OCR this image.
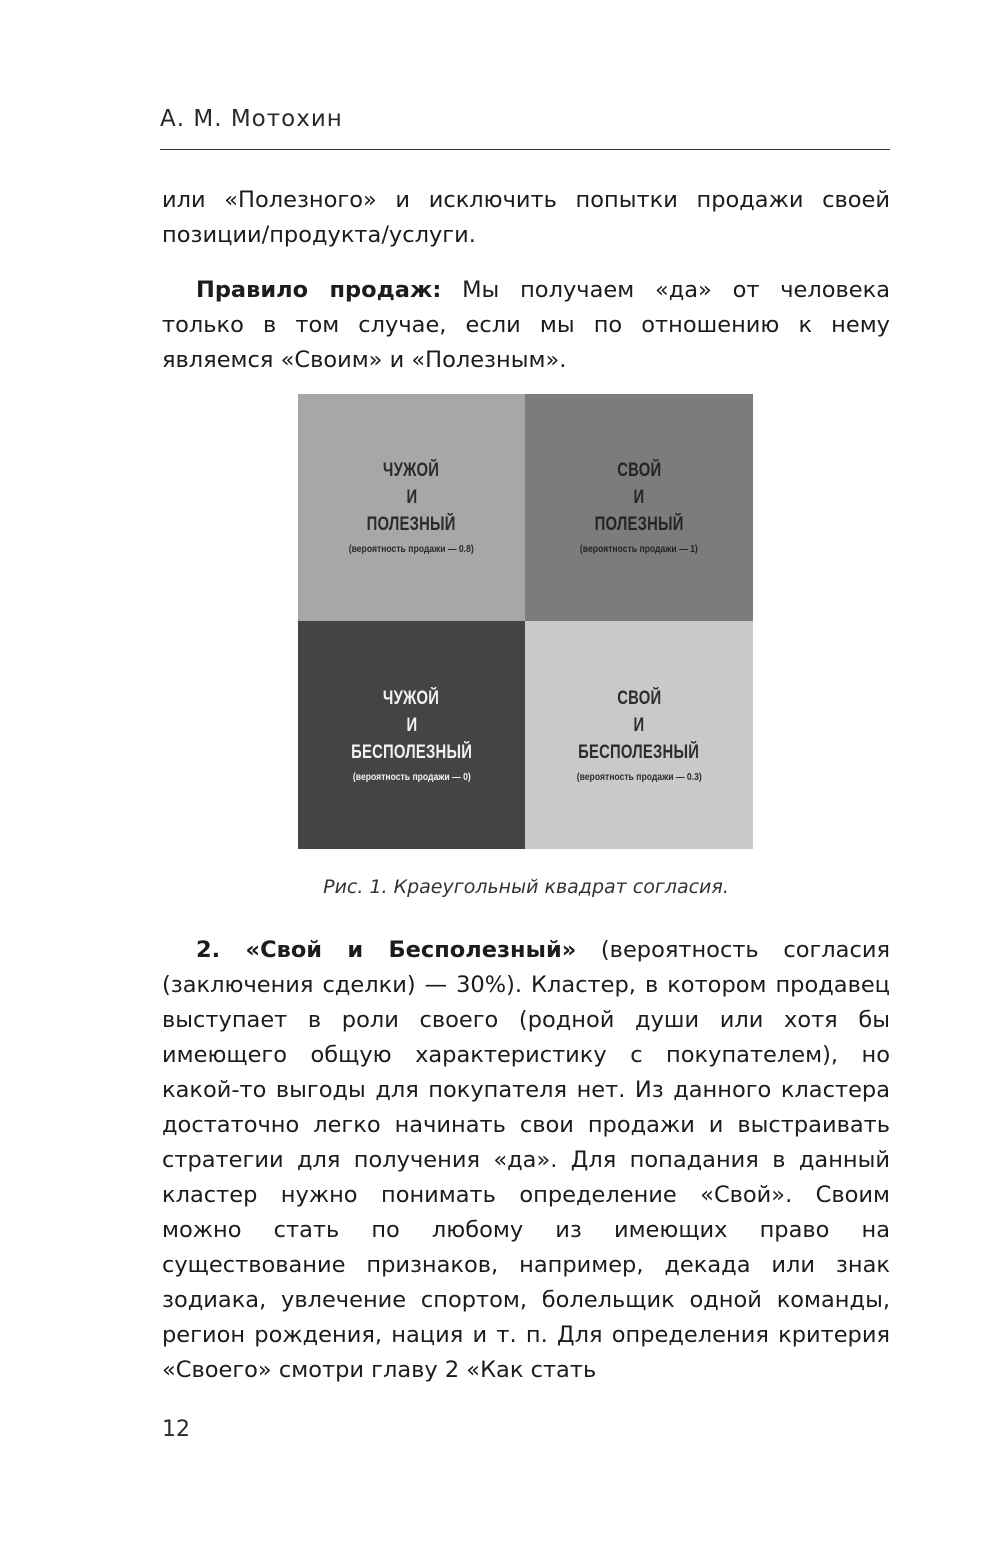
А. М. Мотохин

или «Полезного» и исключить попытки продажи своей позиции/продукта/услуги.

Правило продаж: Мы получаем «да» от человека только в том случае, если мы по отношению к нему являемся «Своим» и «Полезным».

ЧУЖОЙ
И
ПОЛЕЗНЫЙ
(вероятность продажи — 0.8)
СВОЙ
И
ПОЛЕЗНЫЙ
(вероятность продажи — 1)
ЧУЖОЙ
И
БЕСПОЛЕЗНЫЙ
(вероятность продажи — 0)
СВОЙ
И
БЕСПОЛЕЗНЫЙ
(вероятность продажи — 0.3)
Рис. 1. Краеугольный квадрат согласия.

2. «Свой и Бесполезный» (вероятность согласия (заключения сделки) — 30%). Кластер, в котором продавец выступает в роли своего (родной души или хотя бы имеющего общую характеристику с покупателем), но какой-то выгоды для покупателя нет. Из данного кластера достаточно легко начинать свои продажи и выстраивать стратегии для получения «да». Для попадания в данный кластер нужно понимать определение «Свой». Своим можно стать по любому из имеющих право на существование признаков, например, декада или знак зодиака, увлечение спортом, болельщик одной команды, регион рождения, нация и т. п. Для определения критерия «Своего» смотри главу 2 «Как стать

12
